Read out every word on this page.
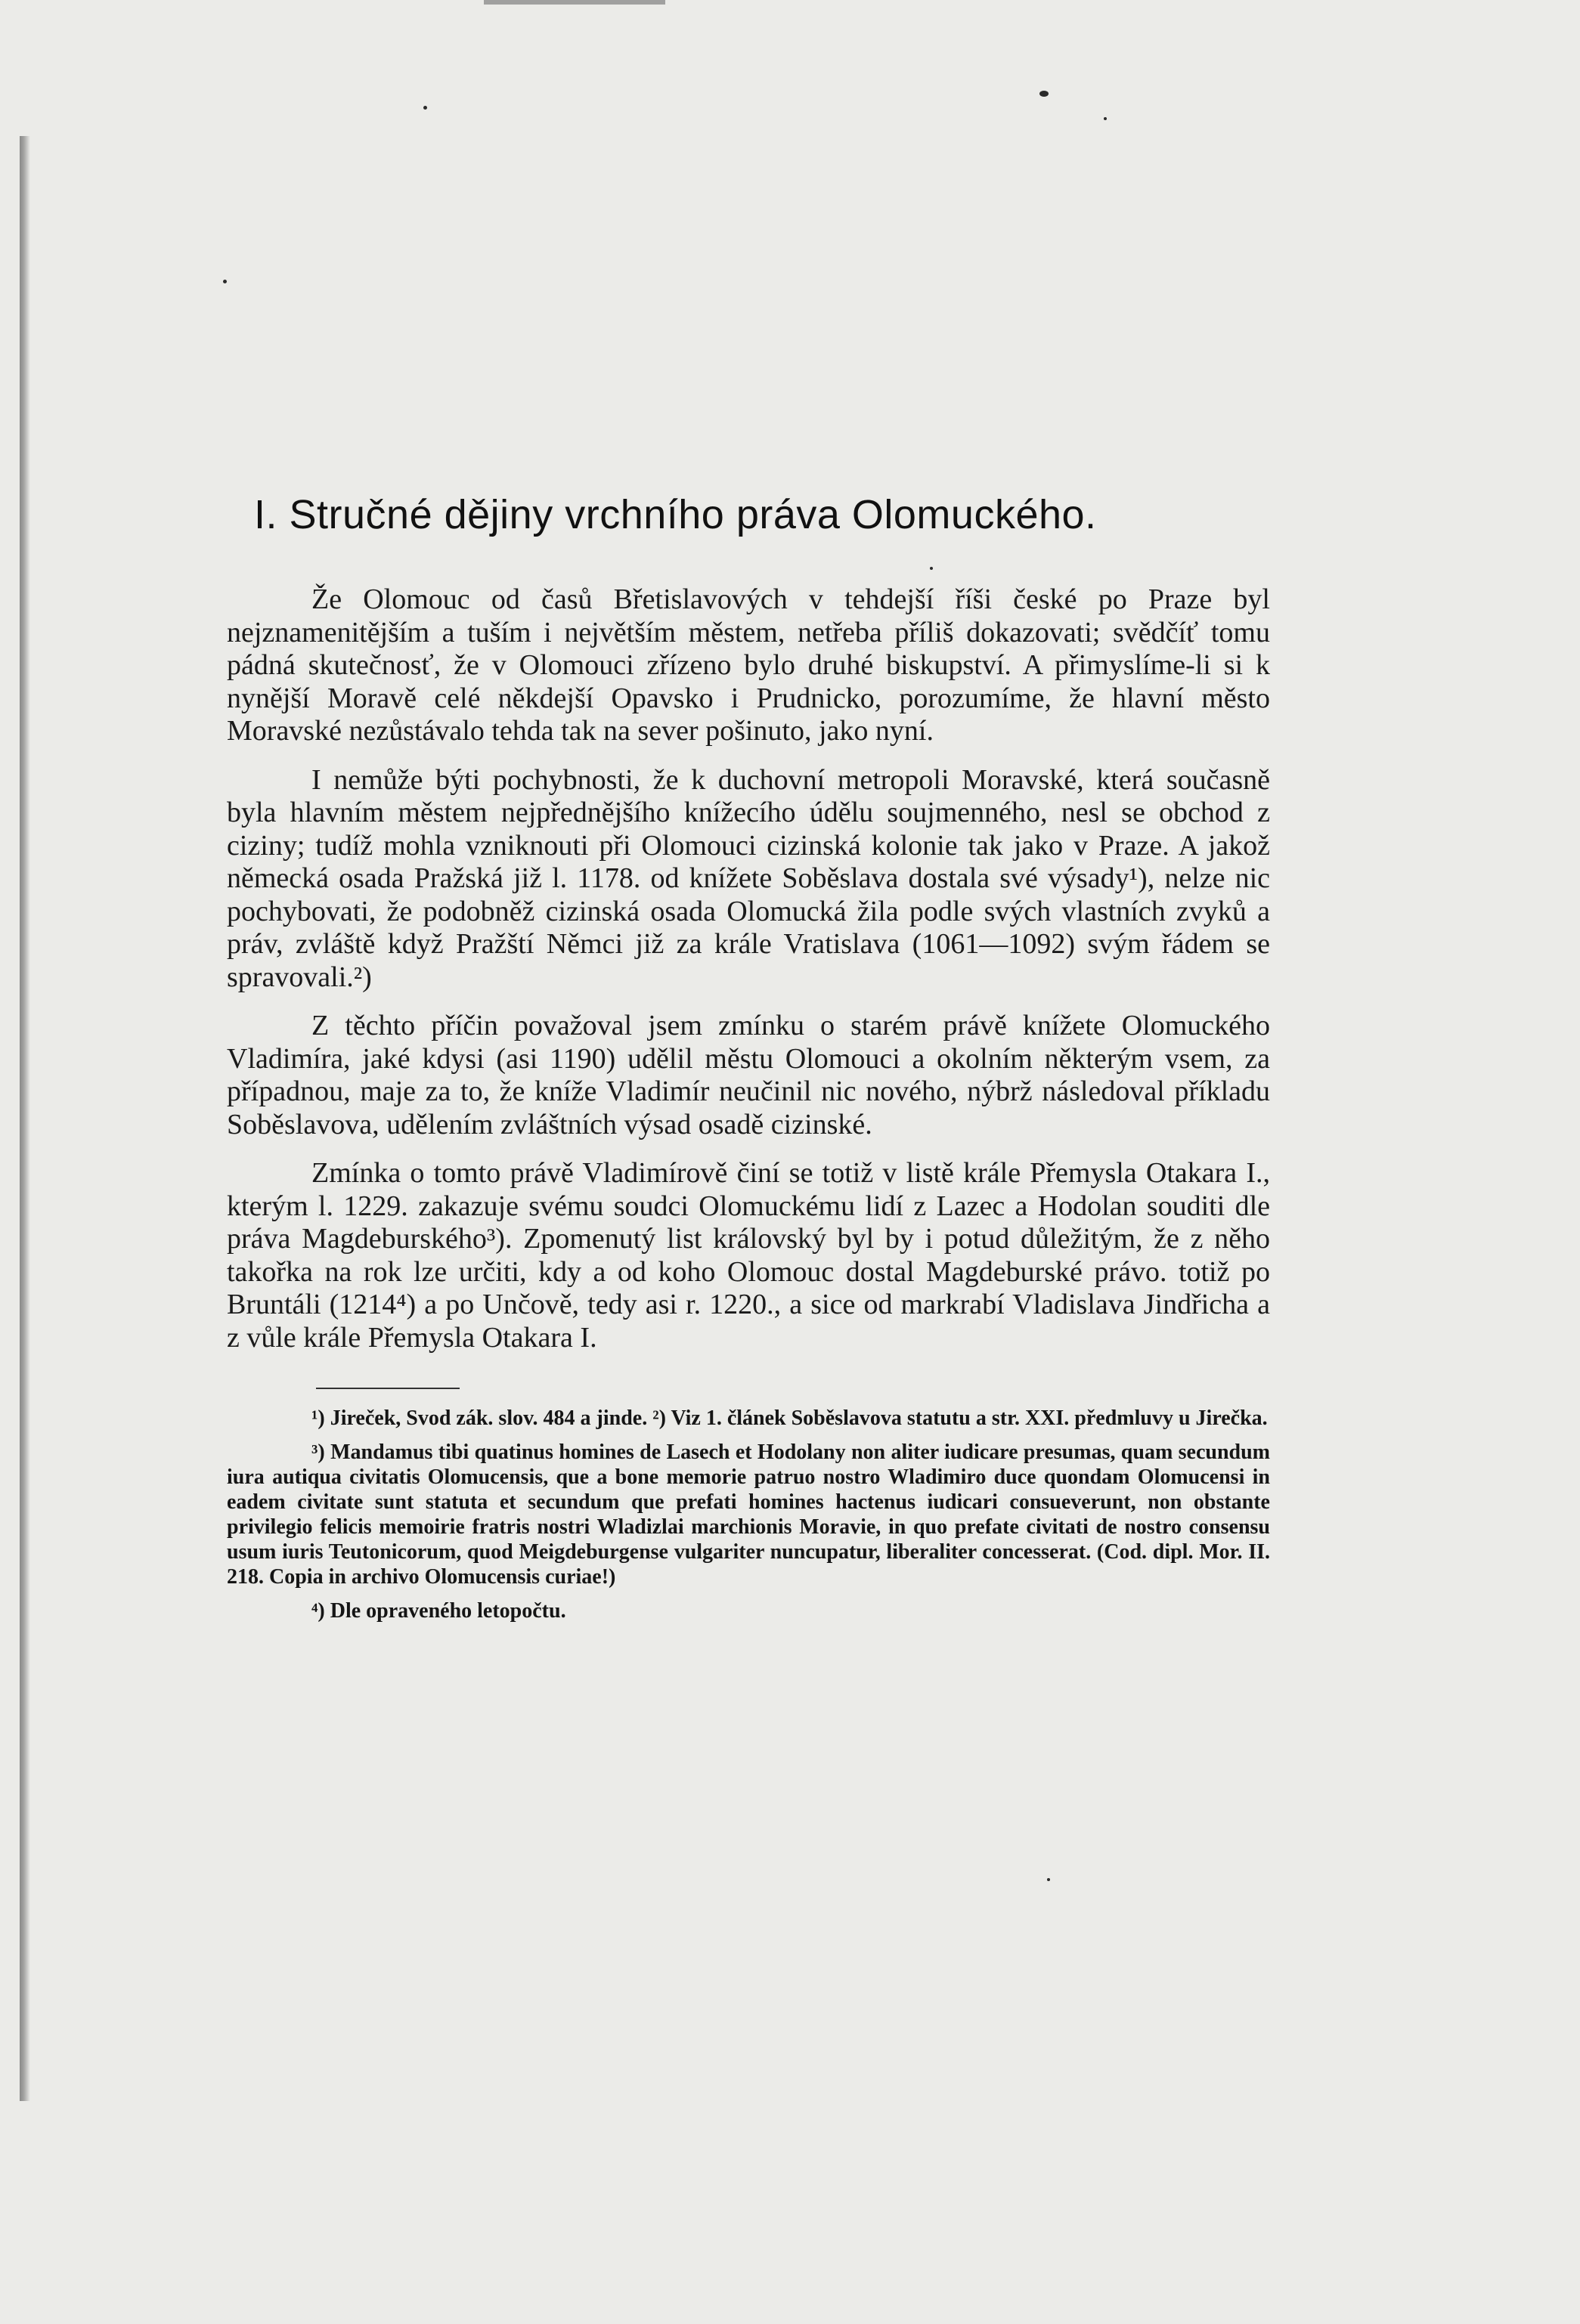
I. Stručné dějiny vrchního práva Olomuckého.

Že Olomouc od časů Břetislavových v tehdejší říši české po Praze byl nejznamenitějším a tuším i největším městem, netřeba příliš dokazovati; svědčíť tomu pádná skutečnosť, že v Olomouci zřízeno bylo druhé biskupství. A přimyslíme-li si k nynější Moravě celé někdejší Opavsko i Prudnicko, porozumíme, že hlavní město Moravské nezůstávalo tehda tak na sever pošinuto, jako nyní.

I nemůže býti pochybnosti, že k duchovní metropoli Moravské, která současně byla hlavním městem nejpřednějšího knížecího údělu soujmenného, nesl se obchod z ciziny; tudíž mohla vzniknouti při Olomouci cizinská kolonie tak jako v Praze. A jakož německá osada Pražská již l. 1178. od knížete Soběslava dostala své výsady¹), nelze nic pochybovati, že podobněž cizinská osada Olomucká žila podle svých vlastních zvyků a práv, zvláště když Pražští Němci již za krále Vratislava (1061—1092) svým řádem se spravovali.²)

Z těchto příčin považoval jsem zmínku o starém právě knížete Olomuckého Vladimíra, jaké kdysi (asi 1190) udělil městu Olomouci a okolním některým vsem, za případnou, maje za to, že kníže Vladimír neučinil nic nového, nýbrž následoval příkladu Soběslavova, udělením zvláštních výsad osadě cizinské.

Zmínka o tomto právě Vladimírově činí se totiž v listě krále Přemysla Otakara I., kterým l. 1229. zakazuje svému soudci Olomuckému lidí z Lazec a Hodolan souditi dle práva Magdeburského³). Zpomenutý list královský byl by i potud důležitým, že z něho takořka na rok lze určiti, kdy a od koho Olomouc dostal Magdeburské právo. totiž po Bruntáli (1214⁴) a po Unčově, tedy asi r. 1220., a sice od markrabí Vladislava Jindřicha a z vůle krále Přemysla Otakara I.

¹) Jireček, Svod zák. slov. 484 a jinde. ²) Viz 1. článek Soběslavova statutu a str. XXI. předmluvy u Jirečka.

³) Mandamus tibi quatinus homines de Lasech et Hodolany non aliter iudicare presumas, quam secundum iura autiqua civitatis Olomucensis, que a bone memorie patruo nostro Wladimiro duce quondam Olomucensi in eadem civitate sunt statuta et secundum que prefati homines hactenus iudicari consueverunt, non obstante privilegio felicis memoirie fratris nostri Wladizlai marchionis Moravie, in quo prefate civitati de nostro consensu usum iuris Teutonicorum, quod Meigdeburgense vulgariter nuncupatur, liberaliter concesserat. (Cod. dipl. Mor. II. 218. Copia in archivo Olomucensis curiae!)

⁴) Dle opraveného letopočtu.
